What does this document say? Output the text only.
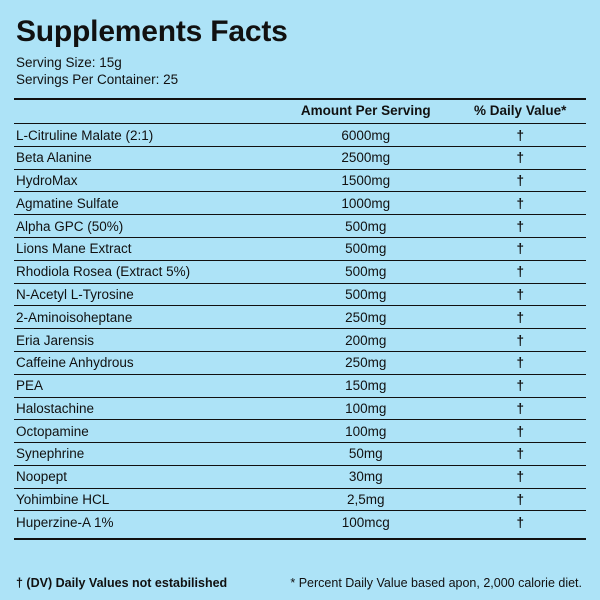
Supplements Facts
Serving Size: 15g
Servings Per Container: 25
	Amount Per Serving	% Daily Value*
L-Citruline Malate (2:1)	6000mg	†
Beta Alanine	2500mg	†
HydroMax	1500mg	†
Agmatine Sulfate	1000mg	†
Alpha GPC (50%)	500mg	†
Lions Mane Extract	500mg	†
Rhodiola Rosea (Extract 5%)	500mg	†
N-Acetyl L-Tyrosine	500mg	†
2-Aminoisoheptane	250mg	†
Eria Jarensis	200mg	†
Caffeine Anhydrous	250mg	†
PEA	150mg	†
Halostachine	100mg	†
Octopamine	100mg	†
Synephrine	50mg	†
Noopept	30mg	†
Yohimbine HCL	2,5mg	†
Huperzine-A 1%	100mcg	†
† (DV) Daily Values not estabilished	* Percent Daily Value based apon, 2,000 calorie diet.
